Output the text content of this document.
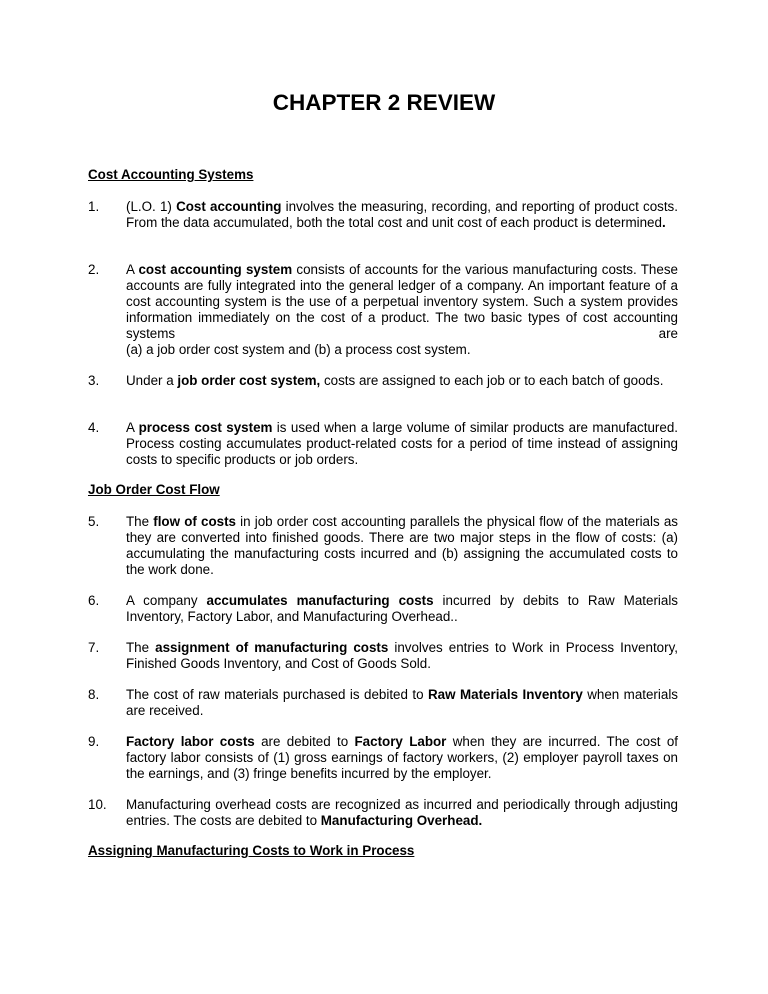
CHAPTER 2 REVIEW
Cost Accounting Systems
1.	(L.O. 1) Cost accounting involves the measuring, recording, and reporting of product costs. From the data accumulated, both the total cost and unit cost of each product is determined.
2.	A cost accounting system consists of accounts for the various manufacturing costs. These accounts are fully integrated into the general ledger of a company. An important feature of a cost accounting system is the use of a perpetual inventory system. Such a system provides information immediately on the cost of a product. The two basic types of cost accounting systems are
(a) a job order cost system and (b) a process cost system.
3.	Under a job order cost system, costs are assigned to each job or to each batch of goods.
4.	A process cost system is used when a large volume of similar products are manufactured. Process costing accumulates product-related costs for a period of time instead of assigning costs to specific products or job orders.
Job Order Cost Flow
5.	The flow of costs in job order cost accounting parallels the physical flow of the materials as they are converted into finished goods. There are two major steps in the flow of costs: (a) accumulating the manufacturing costs incurred and (b) assigning the accumulated costs to the work done.
6.	A company accumulates manufacturing costs incurred by debits to Raw Materials Inventory, Factory Labor, and Manufacturing Overhead..
7.	The assignment of manufacturing costs involves entries to Work in Process Inventory, Finished Goods Inventory, and Cost of Goods Sold.
8.	The cost of raw materials purchased is debited to Raw Materials Inventory when materials are received.
9.	Factory labor costs are debited to Factory Labor when they are incurred. The cost of factory labor consists of (1) gross earnings of factory workers, (2) employer payroll taxes on the earnings, and (3) fringe benefits incurred by the employer.
10.	Manufacturing overhead costs are recognized as incurred and periodically through adjusting entries. The costs are debited to Manufacturing Overhead.
Assigning Manufacturing Costs to Work in Process
